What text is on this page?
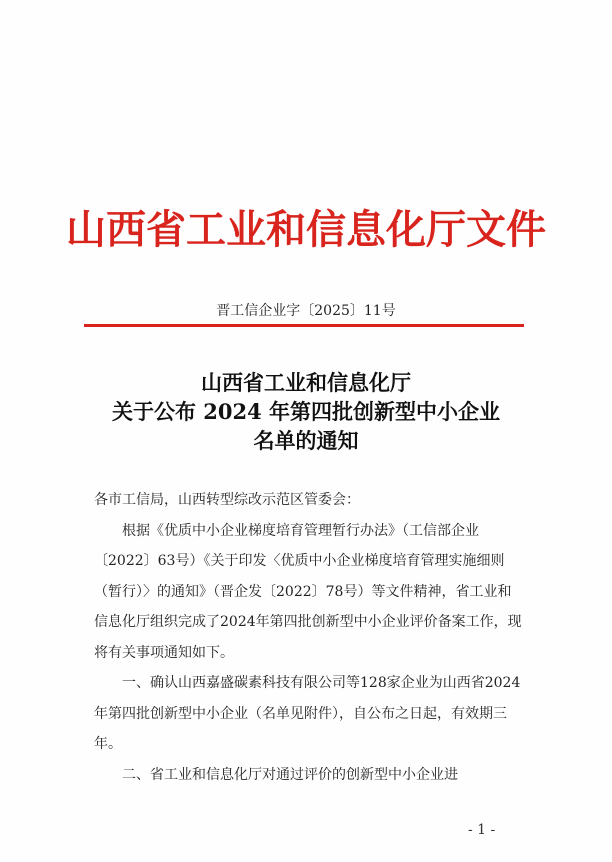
山西省工业和信息化厅文件
晋工信企业字〔2025〕11号
山西省工业和信息化厅
关于公布 2024 年第四批创新型中小企业
名单的通知

各市工信局，山西转型综改示范区管委会：

根据《优质中小企业梯度培育管理暂行办法》（工信部企业〔2022〕63号）《关于印发〈优质中小企业梯度培育管理实施细则（暂行）〉的通知》（晋企发〔2022〕78号）等文件精神，省工业和信息化厅组织完成了2024年第四批创新型中小企业评价备案工作，现将有关事项通知如下。

一、确认山西嘉盛碳素科技有限公司等128家企业为山西省2024年第四批创新型中小企业（名单见附件），自公布之日起，有效期三年。

二、省工业和信息化厅对通过评价的创新型中小企业进

- 1 -
